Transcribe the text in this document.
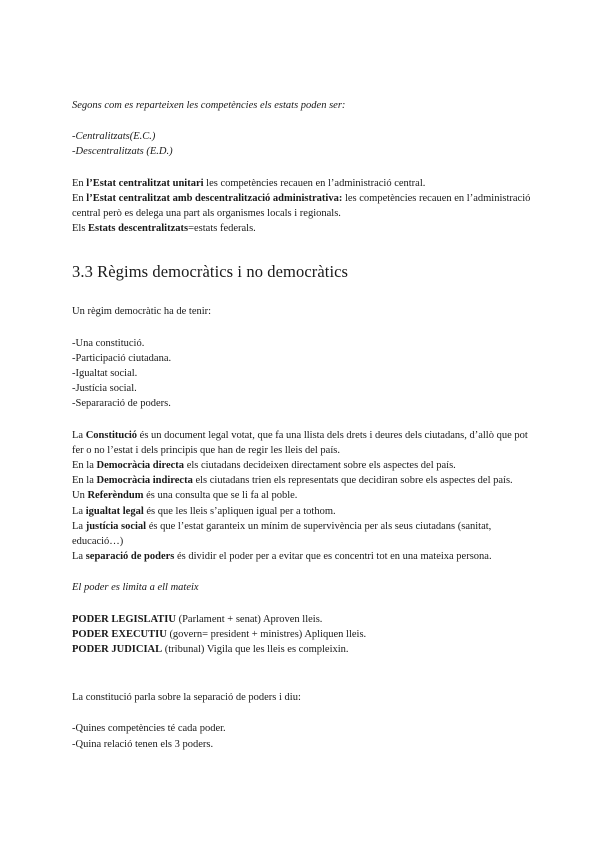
Segons com es reparteixen les competències els estats poden ser:

-Centralitzats(E.C.)

-Descentralitzats (E.D.)

En l’Estat centralitzat unitari les competències recauen en l’administració central.

En l’Estat centralitzat amb descentralització administrativa: les competències recauen en l’administració central però es delega una part als organismes locals i regionals.

Els Estats descentralitzats=estats federals.

3.3 Règims democràtics i no democràtics

Un règim democràtic ha de tenir:

-Una constitució.

-Participació ciutadana.

-Igualtat social.

-Justícia social.

-Separaració de poders.

La Constitució és un document legal votat, que fa una llista dels drets i deures dels ciutadans, d’allò que pot fer o no l’estat i dels principis que han de regir les lleis del país.

En la Democràcia directa els ciutadans decideixen directament sobre els aspectes del país.

En la Democràcia indirecta els ciutadans trien els representats que decidiran sobre els aspectes del país.

Un Referèndum és una consulta que se li fa al poble.

La igualtat legal és que les lleis s’apliquen igual per a tothom.

La justícia social és que l’estat garanteix un mínim de supervivència per als seus ciutadans (sanitat, educació…)

La separació de poders és dividir el poder per a evitar que es concentri tot en una mateixa persona.

El poder es limita a ell mateix

PODER LEGISLATIU (Parlament + senat) Aproven lleis.

PODER EXECUTIU (govern= president + ministres) Apliquen lleis.

PODER JUDICIAL (tribunal) Vigila que les lleis es compleixin.

La constitució parla sobre la separació de poders i diu:

-Quines competències té cada poder.

-Quina relació tenen els 3 poders.
